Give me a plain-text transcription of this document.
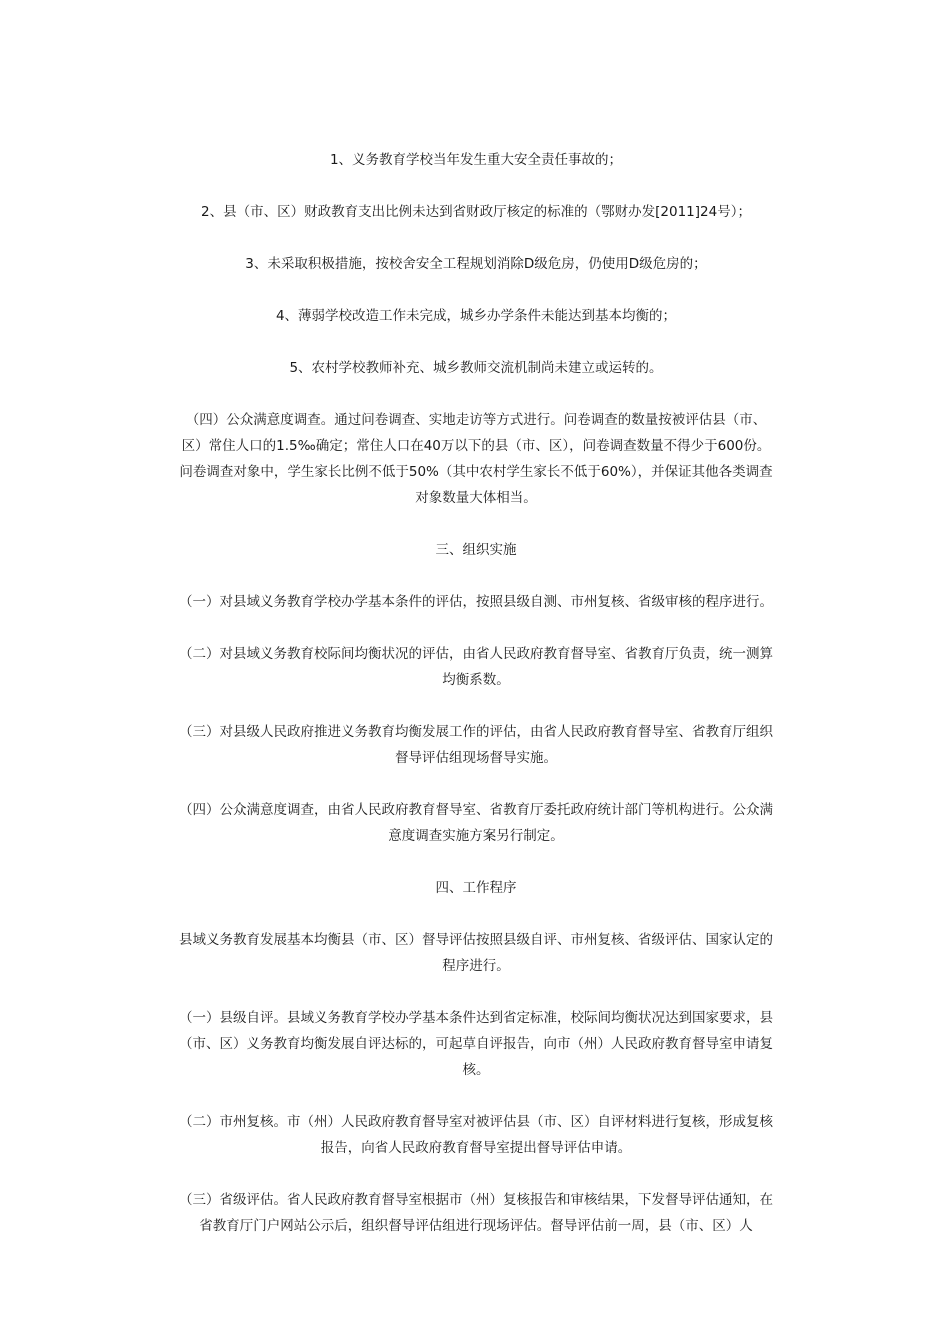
1、义务教育学校当年发生重大安全责任事故的；

2、县（市、区）财政教育支出比例未达到省财政厅核定的标准的（鄂财办发[2011]24号）；

3、未采取积极措施，按校舍安全工程规划消除D级危房，仍使用D级危房的；

4、薄弱学校改造工作未完成，城乡办学条件未能达到基本均衡的；

5、农村学校教师补充、城乡教师交流机制尚未建立或运转的。

（四）公众满意度调查。通过问卷调查、实地走访等方式进行。问卷调查的数量按被评估县（市、区）常住人口的1.5‰确定；常住人口在40万以下的县（市、区），问卷调查数量不得少于600份。问卷调查对象中，学生家长比例不低于50%（其中农村学生家长不低于60%），并保证其他各类调查对象数量大体相当。

三、组织实施

（一）对县域义务教育学校办学基本条件的评估，按照县级自测、市州复核、省级审核的程序进行。

（二）对县域义务教育校际间均衡状况的评估，由省人民政府教育督导室、省教育厅负责，统一测算均衡系数。

（三）对县级人民政府推进义务教育均衡发展工作的评估，由省人民政府教育督导室、省教育厅组织督导评估组现场督导实施。

（四）公众满意度调查，由省人民政府教育督导室、省教育厅委托政府统计部门等机构进行。公众满意度调查实施方案另行制定。

四、工作程序

县域义务教育发展基本均衡县（市、区）督导评估按照县级自评、市州复核、省级评估、国家认定的程序进行。

（一）县级自评。县域义务教育学校办学基本条件达到省定标准，校际间均衡状况达到国家要求，县（市、区）义务教育均衡发展自评达标的，可起草自评报告，向市（州）人民政府教育督导室申请复核。

（二）市州复核。市（州）人民政府教育督导室对被评估县（市、区）自评材料进行复核，形成复核报告，向省人民政府教育督导室提出督导评估申请。

（三）省级评估。省人民政府教育督导室根据市（州）复核报告和审核结果，下发督导评估通知，在省教育厅门户网站公示后，组织督导评估组进行现场评估。督导评估前一周，县（市、区）人
